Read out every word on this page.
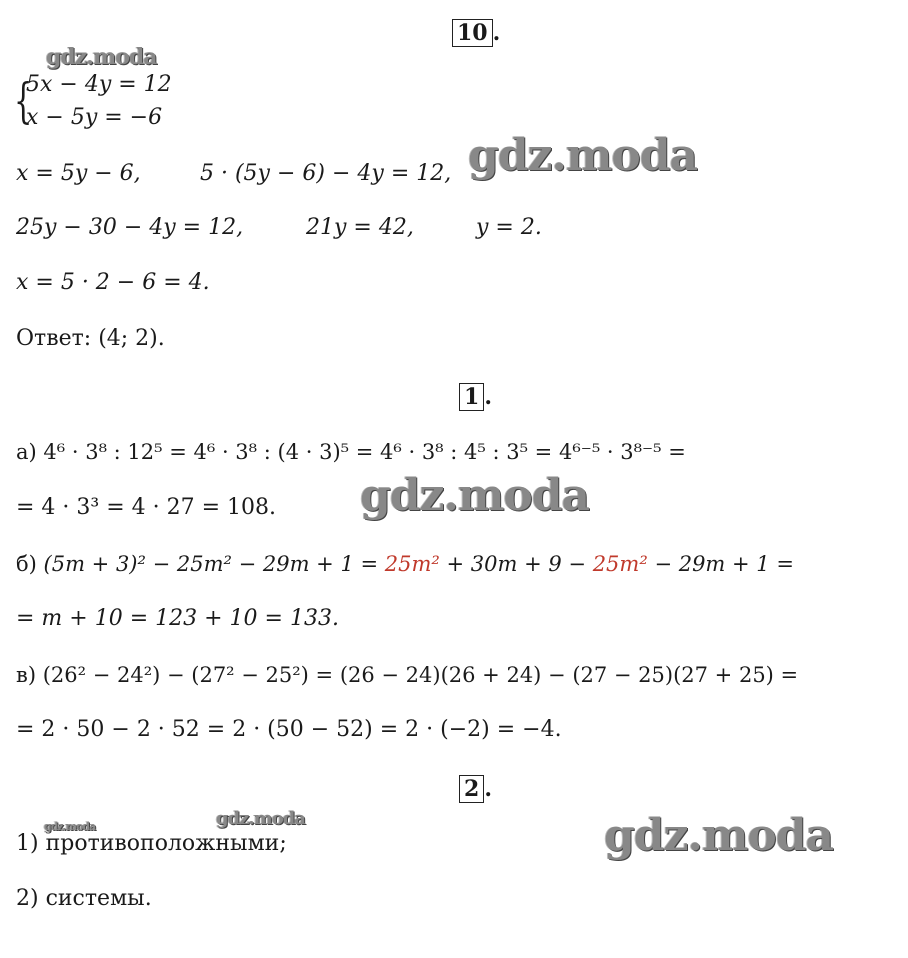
10 .
{
5x − 4y = 12
x − 5y = −6
x = 5y − 6,	5 · (5y − 6) − 4y = 12,
25y − 30 − 4y = 12,	21y = 42,	y = 2.
x = 5 · 2 − 6 = 4.
Ответ: (4; 2).
1 .
а) 4⁶ · 3⁸ : 12⁵ = 4⁶ · 3⁸ : (4 · 3)⁵ = 4⁶ · 3⁸ : 4⁵ : 3⁵ = 4⁶⁻⁵ · 3⁸⁻⁵ =
= 4 · 3³ = 4 · 27 = 108.
б) (5m + 3)² − 25m² − 29m + 1 = 25m² + 30m + 9 − 25m² − 29m + 1 =
= m + 10 = 123 + 10 = 133.
в) (26² − 24²) − (27² − 25²) = (26 − 24)(26 + 24) − (27 − 25)(27 + 25) =
= 2 · 50 − 2 · 52 = 2 · (50 − 52) = 2 · (−2) = −4.
2 .
1) противоположными;
2) системы.
gdz.moda
gdz.moda
gdz.moda
gdz.moda	gdz.moda	gdz.moda
